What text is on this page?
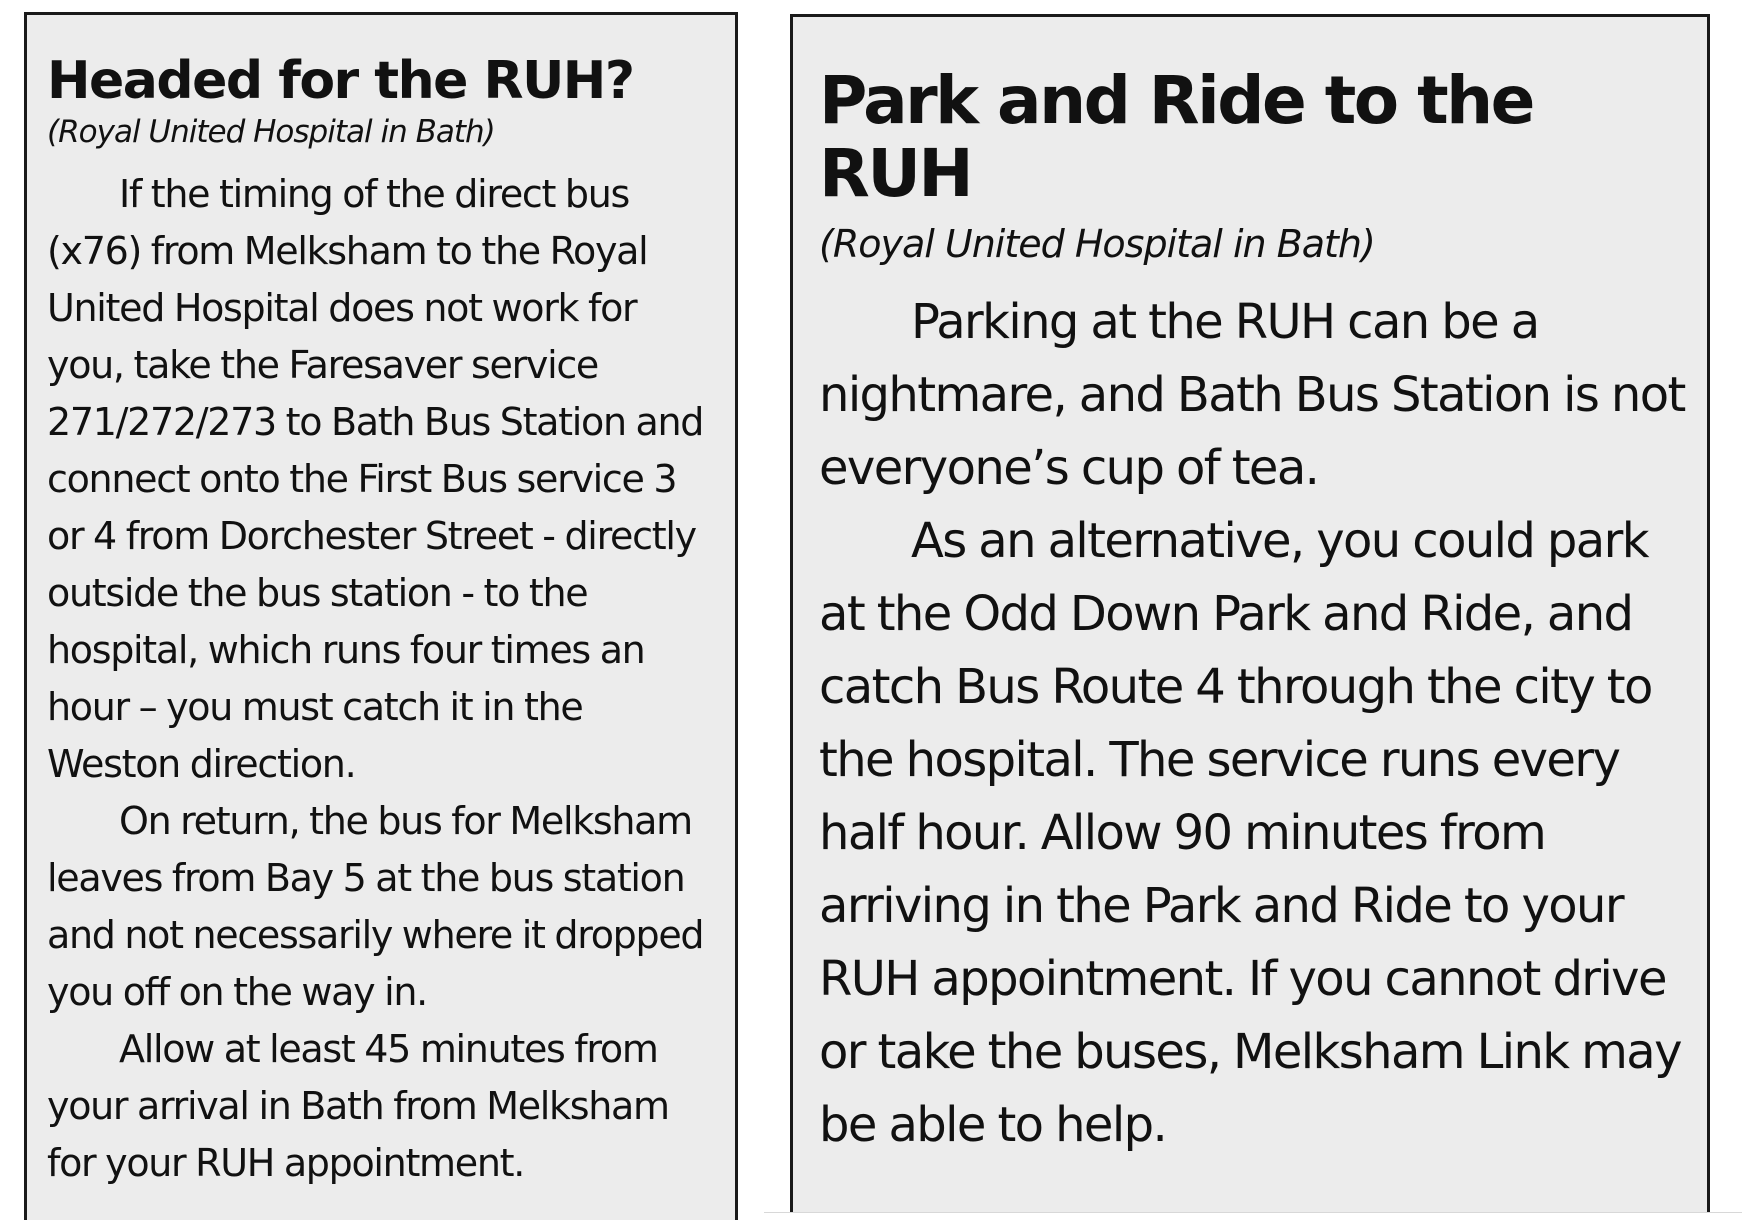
Headed for the RUH?

(Royal United Hospital in Bath)

If the timing of the direct bus (x76) from Melksham to the Royal United Hospital does not work for you, take the Faresaver service 271/272/273 to Bath Bus Station and connect onto the First Bus service 3 or 4 from Dorchester Street - directly outside the bus station - to the hospital, which runs four times an hour – you must catch it in the Weston direction.

On return, the bus for Melksham leaves from Bay 5 at the bus station and not necessarily where it dropped you off on the way in.

Allow at least 45 minutes from your arrival in Bath from Melksham for your RUH appointment.

Park and Ride to the RUH

(Royal United Hospital in Bath)

Parking at the RUH can be a nightmare, and Bath Bus Station is not everyone’s cup of tea.

As an alternative, you could park at the Odd Down Park and Ride, and catch Bus Route 4 through the city to the hospital. The service runs every half hour. Allow 90 minutes from arriving in the Park and Ride to your RUH appointment. If you cannot drive or take the buses, Melksham Link may be able to help.
